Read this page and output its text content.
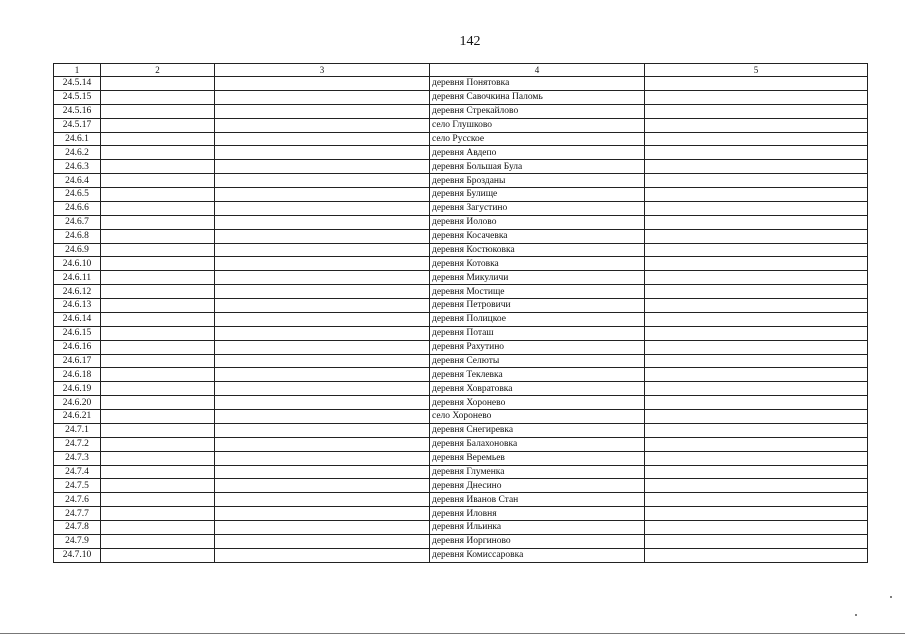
142
1	2	3	4	5
24.5.14			деревня Понятовка	
24.5.15			деревня Савочкина Паломь	
24.5.16			деревня Стрекайлово	
24.5.17			село Глушково	
24.6.1			село Русское	
24.6.2			деревня Авдепо	
24.6.3			деревня Большая Була	
24.6.4			деревня Брозданы	
24.6.5			деревня Булище	
24.6.6			деревня Загустино	
24.6.7			деревня Иолово	
24.6.8			деревня Косачевка	
24.6.9			деревня Костюковка	
24.6.10			деревня Котовка	
24.6.11			деревня Микуличи	
24.6.12			деревня Мостище	
24.6.13			деревня Петровичи	
24.6.14			деревня Полицкое	
24.6.15			деревня Поташ	
24.6.16			деревня Рахутино	
24.6.17			деревня Селюты	
24.6.18			деревня Теклевка	
24.6.19			деревня Ховратовка	
24.6.20			деревня Хоронево	
24.6.21			село Хоронево	
24.7.1			деревня Снегиревка	
24.7.2			деревня Балахоновка	
24.7.3			деревня Веремьев	
24.7.4			деревня Глуменка	
24.7.5			деревня Днесино	
24.7.6			деревня Иванов Стан	
24.7.7			деревня Иловня	
24.7.8			деревня Ильинка	
24.7.9			деревня Иоргиново	
24.7.10			деревня Комиссаровка	
